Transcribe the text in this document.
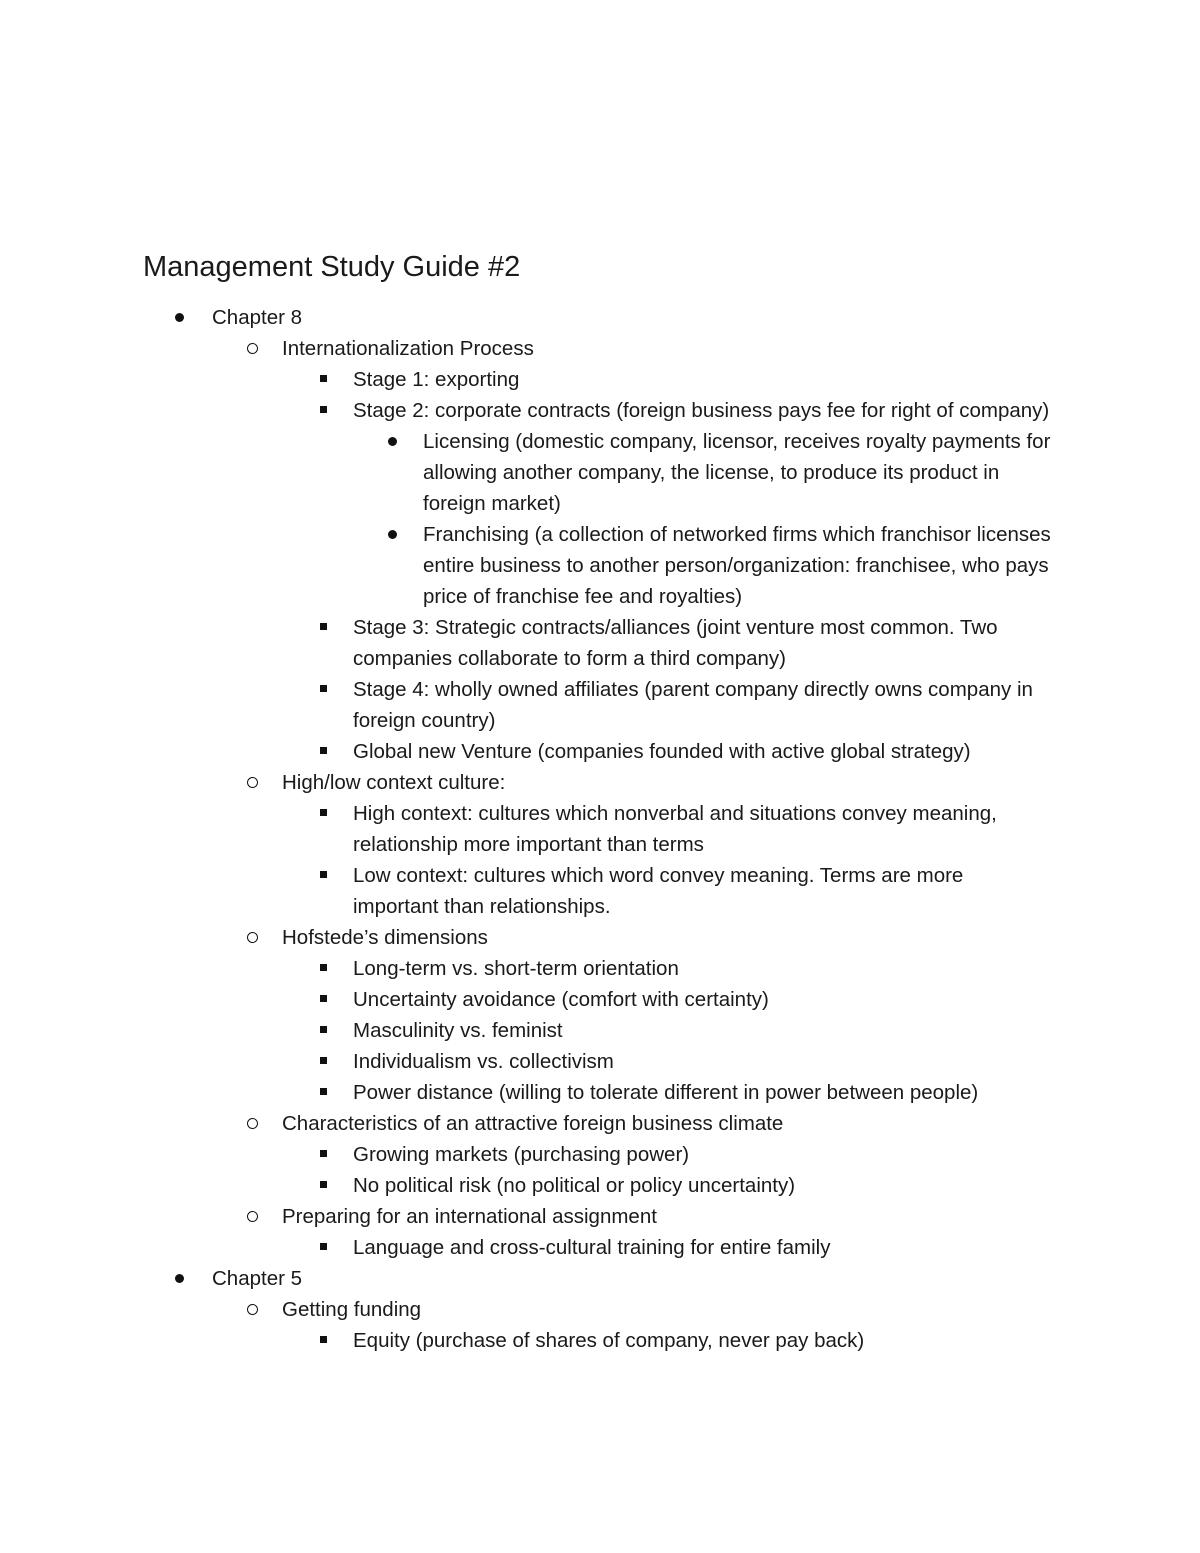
Management Study Guide #2
Chapter 8
Internationalization Process
Stage 1: exporting
Stage 2: corporate contracts (foreign business pays fee for right of company)
Licensing (domestic company, licensor, receives royalty payments for allowing another company, the license, to produce its product in foreign market)
Franchising (a collection of networked firms which franchisor licenses entire business to another person/organization: franchisee, who pays price of franchise fee and royalties)
Stage 3: Strategic contracts/alliances (joint venture most common. Two companies collaborate to form a third company)
Stage 4: wholly owned affiliates (parent company directly owns company in foreign country)
Global new Venture (companies founded with active global strategy)
High/low context culture:
High context: cultures which nonverbal and situations convey meaning, relationship more important than terms
Low context: cultures which word convey meaning. Terms are more important than relationships.
Hofstede’s dimensions
Long-term vs. short-term orientation
Uncertainty avoidance (comfort with certainty)
Masculinity vs. feminist
Individualism vs. collectivism
Power distance (willing to tolerate different in power between people)
Characteristics of an attractive foreign business climate
Growing markets (purchasing power)
No political risk (no political or policy uncertainty)
Preparing for an international assignment
Language and cross-cultural training for entire family
Chapter 5
Getting funding
Equity (purchase of shares of company, never pay back)
